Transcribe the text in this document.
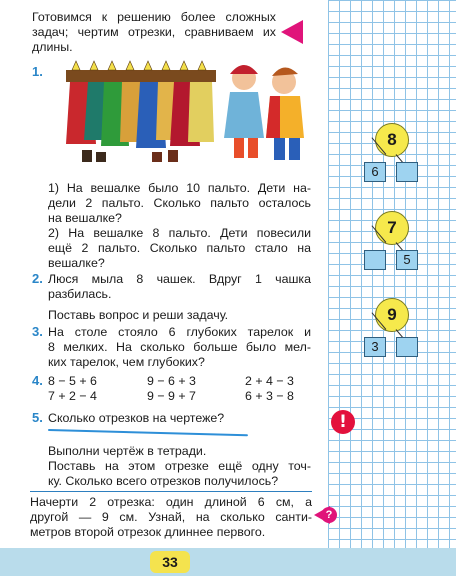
Готовимся к решению более сложных
задач; чертим отрезки, сравниваем их
длины.
1.
1) На вешалке было 10 пальто. Дети на-
дели 2 пальто. Сколько пальто осталось
на вешалке?
2) На вешалке 8 пальто. Дети повесили
ещё 2 пальто. Сколько пальто стало на
вешалке?
2. Люся мыла 8 чашек. Вдруг 1 чашка
разбилась.
Поставь вопрос и реши задачу.
3. На столе стояло 6 глубоких тарелок и
8 мелких. На сколько больше было мел-
ких тарелок, чем глубоких?
4. 8 − 5 + 6	9 − 6 + 3	2 + 4 − 3
7 + 2 − 4	9 − 9 + 7	6 + 3 − 8
5. Сколько отрезков на чертеже?
Выполни чертёж в тетради.
Поставь на этом отрезке ещё одну точ-
ку. Сколько всего отрезков получилось?
!
Начерти 2 отрезка: один длиной 6 см, а
другой — 9 см. Узнай, на сколько санти-
метров второй отрезок длиннее первого.
?
8
6
7
5
9
3
33
